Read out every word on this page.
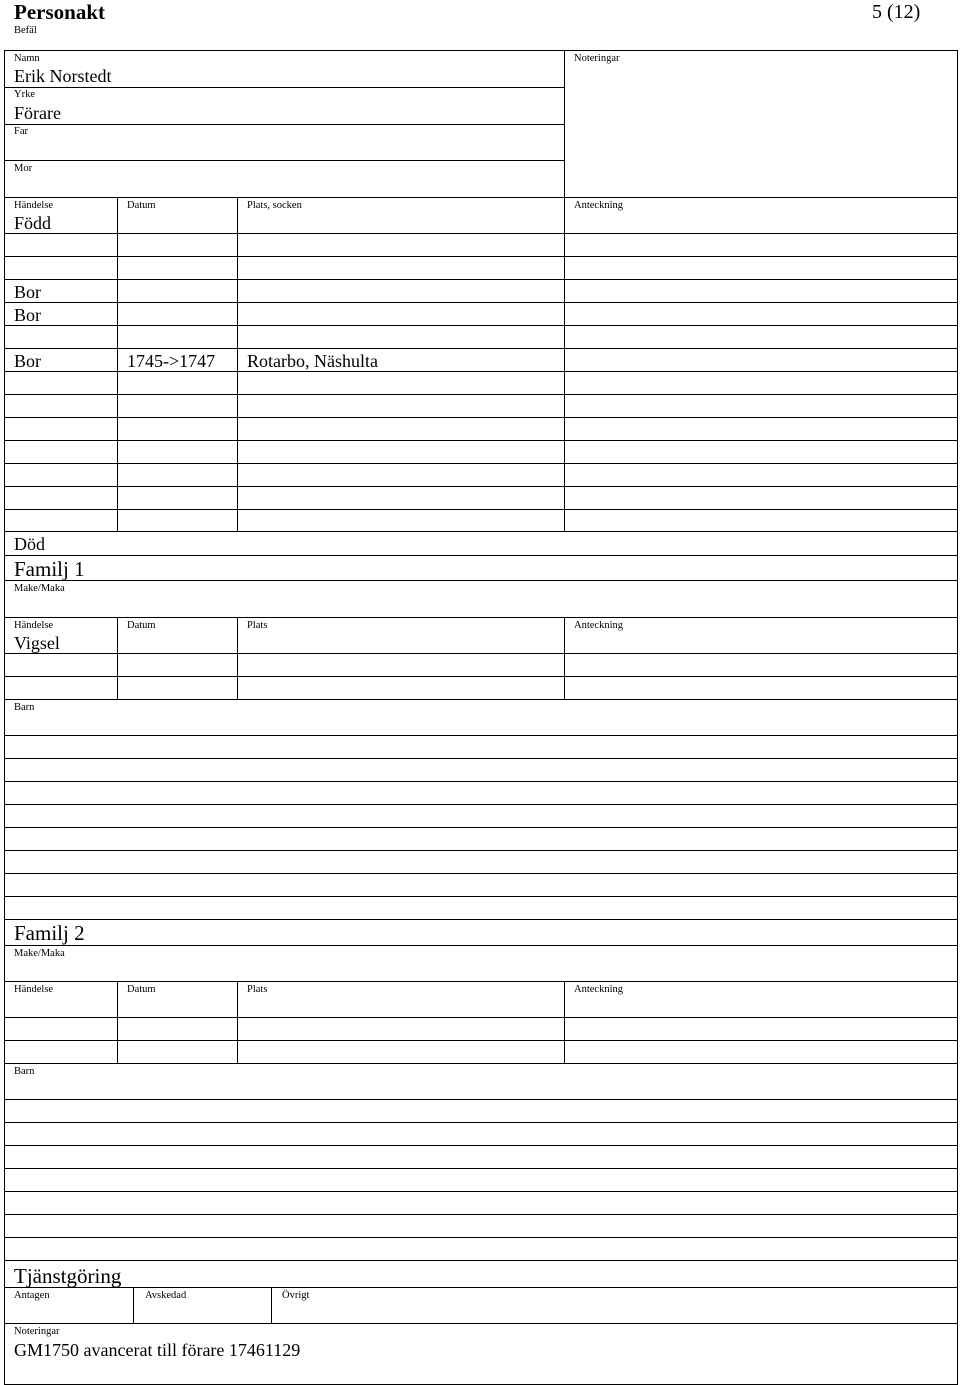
Personakt
Befäl
5 (12)
Namn
Erik Norstedt
Yrke
Förare
Far
Mor
Noteringar
Händelse	Datum	Plats, socken	Anteckning
Född
Bor
Bor
Bor	1745->1747 Rotarbo, Näshulta
Död
Familj 1
Make/Maka
Händelse	Datum	Plats	Anteckning
Vigsel
Barn
Familj 2
Make/Maka
Händelse	Datum	Plats	Anteckning
Barn
Tjänstgöring
Antagen	Avskedad	Övrigt
Noteringar
GM1750 avancerat till förare 17461129
